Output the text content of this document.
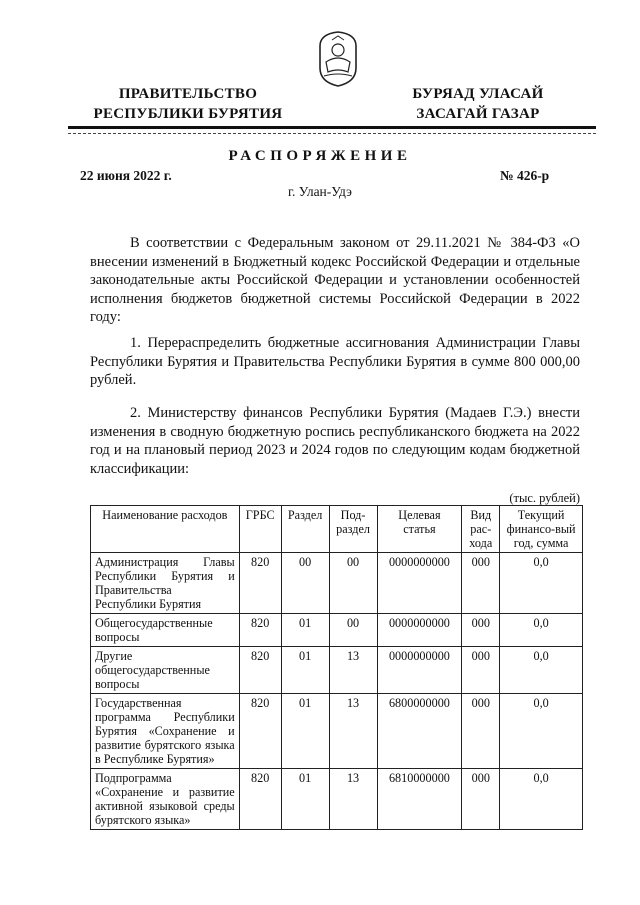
ПРАВИТЕЛЬСТВО
РЕСПУБЛИКИ БУРЯТИЯ
БУРЯАД УЛАСАЙ
ЗАСАГАЙ ГАЗАР
РАСПОРЯЖЕНИЕ
22 июня 2022 г.	№ 426-р
г. Улан-Удэ

В соответствии с Федеральным законом от 29.11.2021 № 384-ФЗ «О внесении изменений в Бюджетный кодекс Российской Федерации и отдельные законодательные акты Российской Федерации и установлении особенностей исполнения бюджетов бюджетной системы Российской Федерации в 2022 году:

1. Перераспределить бюджетные ассигнования Администрации Главы Республики Бурятия и Правительства Республики Бурятия в сумме 800 000,00 рублей.

2. Министерству финансов Республики Бурятия (Мадаев Г.Э.) внести изменения в сводную бюджетную роспись республиканского бюджета на 2022 год и на плановый период 2023 и 2024 годов по следующим кодам бюджетной классификации:

(тыс. рублей)
Наименование расходов	ГРБС	Раздел	Под-раздел	Целевая статья	Вид рас-хода	Текущий финансо-вый год, сумма
Администрация Главы Республики Бурятия и Правительства Республики Бурятия	820	00	00	0000000000	000	0,0
Общегосударственные вопросы	820	01	00	0000000000	000	0,0
Другие общегосударственные вопросы	820	01	13	0000000000	000	0,0
Государственная программа Республики Бурятия «Сохранение и развитие бурятского языка в Республике Бурятия»	820	01	13	6800000000	000	0,0
Подпрограмма «Сохранение и развитие активной языковой среды бурятского языка»	820	01	13	6810000000	000	0,0
